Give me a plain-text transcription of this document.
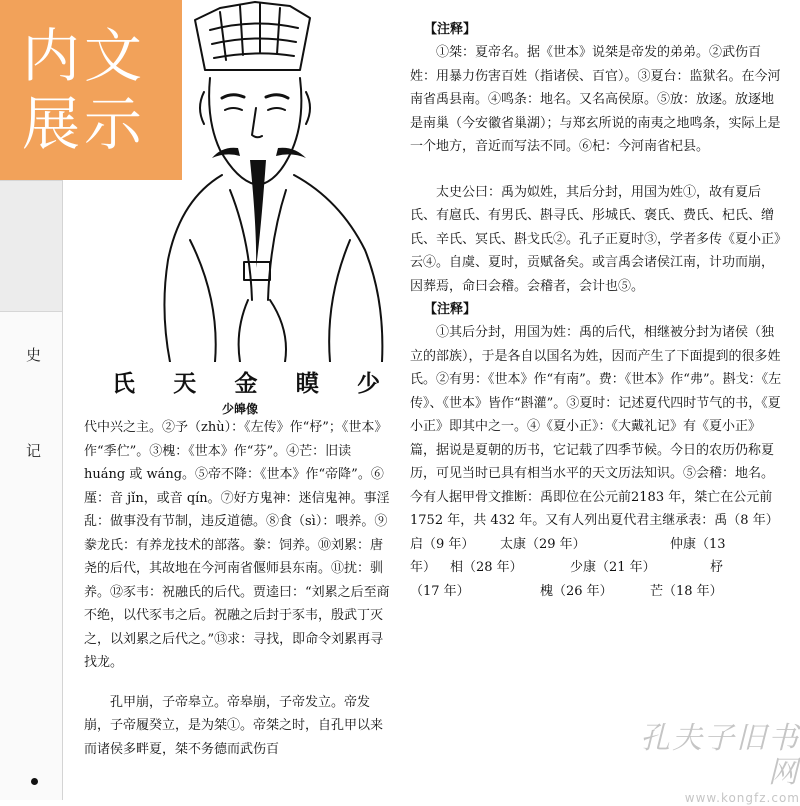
史
记
内文
展示
氏 天 金 瞙 少
少皞像

代中兴之主。②予（zhù）：《左传》作“杼”；《世本》作“季伫”。③槐：《世本》作“芬”。④芒：旧读 huáng 或 wáng。⑤帝不降：《世本》作“帝降”。⑥厪：音 jǐn，或音 qín。⑦好方鬼神：迷信鬼神。事淫乱：做事没有节制，违反道德。⑧食（sì）：喂养。⑨豢龙氏：有养龙技术的部落。豢：饲养。⑩刘累：唐尧的后代，其故地在今河南省偃师县东南。⑪扰：驯养。⑫豕韦：祝融氏的后代。贾逵曰：“刘累之后至商不绝，以代豕韦之后。祝融之后封于豕韦，殷武丁灭之，以刘累之后代之。”⑬求：寻找，即命令刘累再寻找龙。

孔甲崩，子帝皋立。帝皋崩，子帝发立。帝发崩，子帝履癸立，是为桀①。帝桀之时，自孔甲以来而诸侯多畔夏，桀不务德而武伤百

【注释】

①桀：夏帝名。据《世本》说桀是帝发的弟弟。②武伤百姓：用暴力伤害百姓（指诸侯、百官）。③夏台：监狱名。在今河南省禹县南。④鸣条：地名。又名高侯原。⑤放：放逐。放逐地是南巢（今安徽省巢湖）；与郑玄所说的南夷之地鸣条，实际上是一个地方，音近而写法不同。⑥杞：今河南省杞县。

太史公曰：禹为姒姓，其后分封，用国为姓①，故有夏后氏、有扈氏、有男氏、斟寻氏、彤城氏、褒氏、费氏、杞氏、缯氏、辛氏、冥氏、斟戈氏②。孔子正夏时③，学者多传《夏小正》云④。自虞、夏时，贡赋备矣。或言禹会诸侯江南，计功而崩，因葬焉，命曰会稽。会稽者，会计也⑤。

【注释】

①其后分封，用国为姓：禹的后代，相继被分封为诸侯（独立的部族），于是各自以国名为姓，因而产生了下面提到的很多姓氏。②有男：《世本》作“有南”。费：《世本》作“弗”。斟戈：《左传》、《世本》皆作“斟灌”。③夏时：记述夏代四时节气的书，《夏小正》即其中之一。④《夏小正》：《大戴礼记》有《夏小正》篇，据说是夏朝的历书，它记载了四季节候。今日的农历仍称夏历，可见当时已具有相当水平的天文历法知识。⑤会稽：地名。今有人据甲骨文推断：禹即位在公元前2183 年，桀亡在公元前 1752 年，共 432 年。又有人列出夏代君主继承表：禹（8 年）

启（9 年）	太康（29 年）	仲康（13
年）	相（28 年）	少康（21 年）	杼
（17 年）	槐（26 年）	芒（18 年）
孔夫子旧书网
www.kongfz.com
